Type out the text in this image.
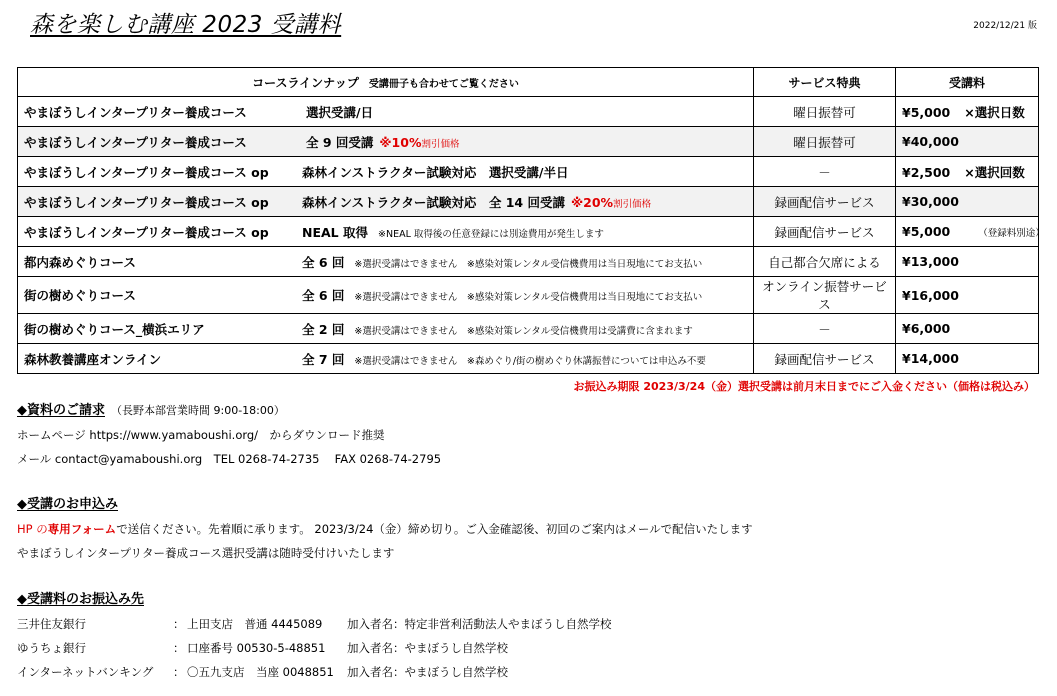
森を楽しむ講座 2023 受講料	2022/12/21 版
コースラインナップ 受講冊子も合わせてご覧ください	サービス特典	受講料
やまぼうしインタープリター養成コース 選択受講/日	曜日振替可	¥5,000 ×選択日数
やまぼうしインタープリター養成コース 全 9 回受講 ※10%割引価格	曜日振替可	¥40,000
やまぼうしインタープリター養成コース op 森林インストラクター試験対応　選択受講/半日	－	¥2,500 ×選択回数
やまぼうしインタープリター養成コース op 森林インストラクター試験対応　全 14 回受講 ※20%割引価格	録画配信サービス	¥30,000
やまぼうしインタープリター養成コース op NEAL 取得 ※NEAL 取得後の任意登録には別途費用が発生します	録画配信サービス	¥5,000 （登録料別途）
都内森めぐりコース 全 6 回 ※選択受講はできません　※感染対策レンタル受信機費用は当日現地にてお支払い	自己都合欠席による	¥13,000
街の樹めぐりコース 全 6 回 ※選択受講はできません　※感染対策レンタル受信機費用は当日現地にてお支払い	オンライン振替サービス	¥16,000
街の樹めぐりコース_横浜エリア 全 2 回 ※選択受講はできません　※感染対策レンタル受信機費用は受講費に含まれます	－	¥6,000
森林教養講座オンライン 全 7 回 ※選択受講はできません　※森めぐり/街の樹めぐり休講振替については申込み不要	録画配信サービス	¥14,000
お振込み期限 2023/3/24（金）選択受講は前月末日までにご入金ください（価格は税込み）
◆資料のご請求 （長野本部営業時間 9:00-18:00）
ホームページ https://www.yamaboushi.org/　からダウンロード推奨
メール contact@yamaboushi.org　TEL 0268-74-2735　 FAX 0268-74-2795
◆受講のお申込み
HP の専用フォームで送信ください。先着順に承ります。 2023/3/24（金）締め切り。ご入金確認後、初回のご案内はメールで配信いたします
やまぼうしインタープリター養成コース選択受講は随時受付けいたします
◆受講料のお振込み先
三井住友銀行	： 上田支店　普通 4445089	加入者名：特定非営利活動法人やまぼうし自然学校
ゆうちょ銀行	： 口座番号 00530-5-48851	加入者名：やまぼうし自然学校
インターネットバンキング	： 〇五九支店　当座 0048851	加入者名：やまぼうし自然学校
